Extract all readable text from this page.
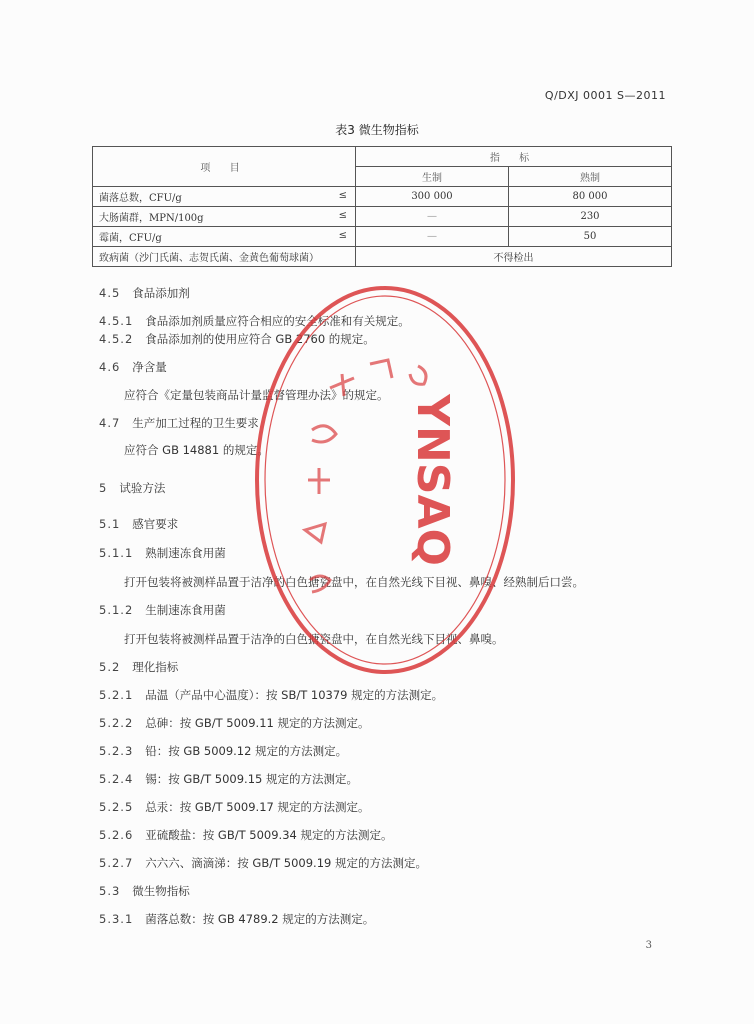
Q/DXJ 0001 S—2011
表3 微生物指标
项 目	指 标	
	生制	熟制
菌落总数，CFU/g ≤	300 000	80 000
大肠菌群，MPN/100g ≤	—	230
霉菌，CFU/g ≤	—	50
致病菌（沙门氏菌、志贺氏菌、金黄色葡萄球菌）	不得检出	
4.5 食品添加剂
4.5.1 食品添加剂质量应符合相应的安全标准和有关规定。
4.5.2 食品添加剂的使用应符合 GB 2760 的规定。
4.6 净含量
应符合《定量包装商品计量监督管理办法》的规定。
4.7 生产加工过程的卫生要求
应符合 GB 14881 的规定。
5 试验方法
5.1 感官要求
5.1.1 熟制速冻食用菌
打开包装将被测样品置于洁净的白色搪瓷盘中，在自然光线下目视、鼻嗅、经熟制后口尝。
5.1.2 生制速冻食用菌
打开包装将被测样品置于洁净的白色搪瓷盘中，在自然光线下目视、鼻嗅。
5.2 理化指标
5.2.1 品温（产品中心温度）：按 SB/T 10379 规定的方法测定。
5.2.2 总砷：按 GB/T 5009.11 规定的方法测定。
5.2.3 铅：按 GB 5009.12 规定的方法测定。
5.2.4 锡：按 GB/T 5009.15 规定的方法测定。
5.2.5 总汞：按 GB/T 5009.17 规定的方法测定。
5.2.6 亚硫酸盐：按 GB/T 5009.34 规定的方法测定。
5.2.7 六六六、滴滴涕：按 GB/T 5009.19 规定的方法测定。
5.3 微生物指标
5.3.1 菌落总数：按 GB 4789.2 规定的方法测定。
YNSAQ
3
